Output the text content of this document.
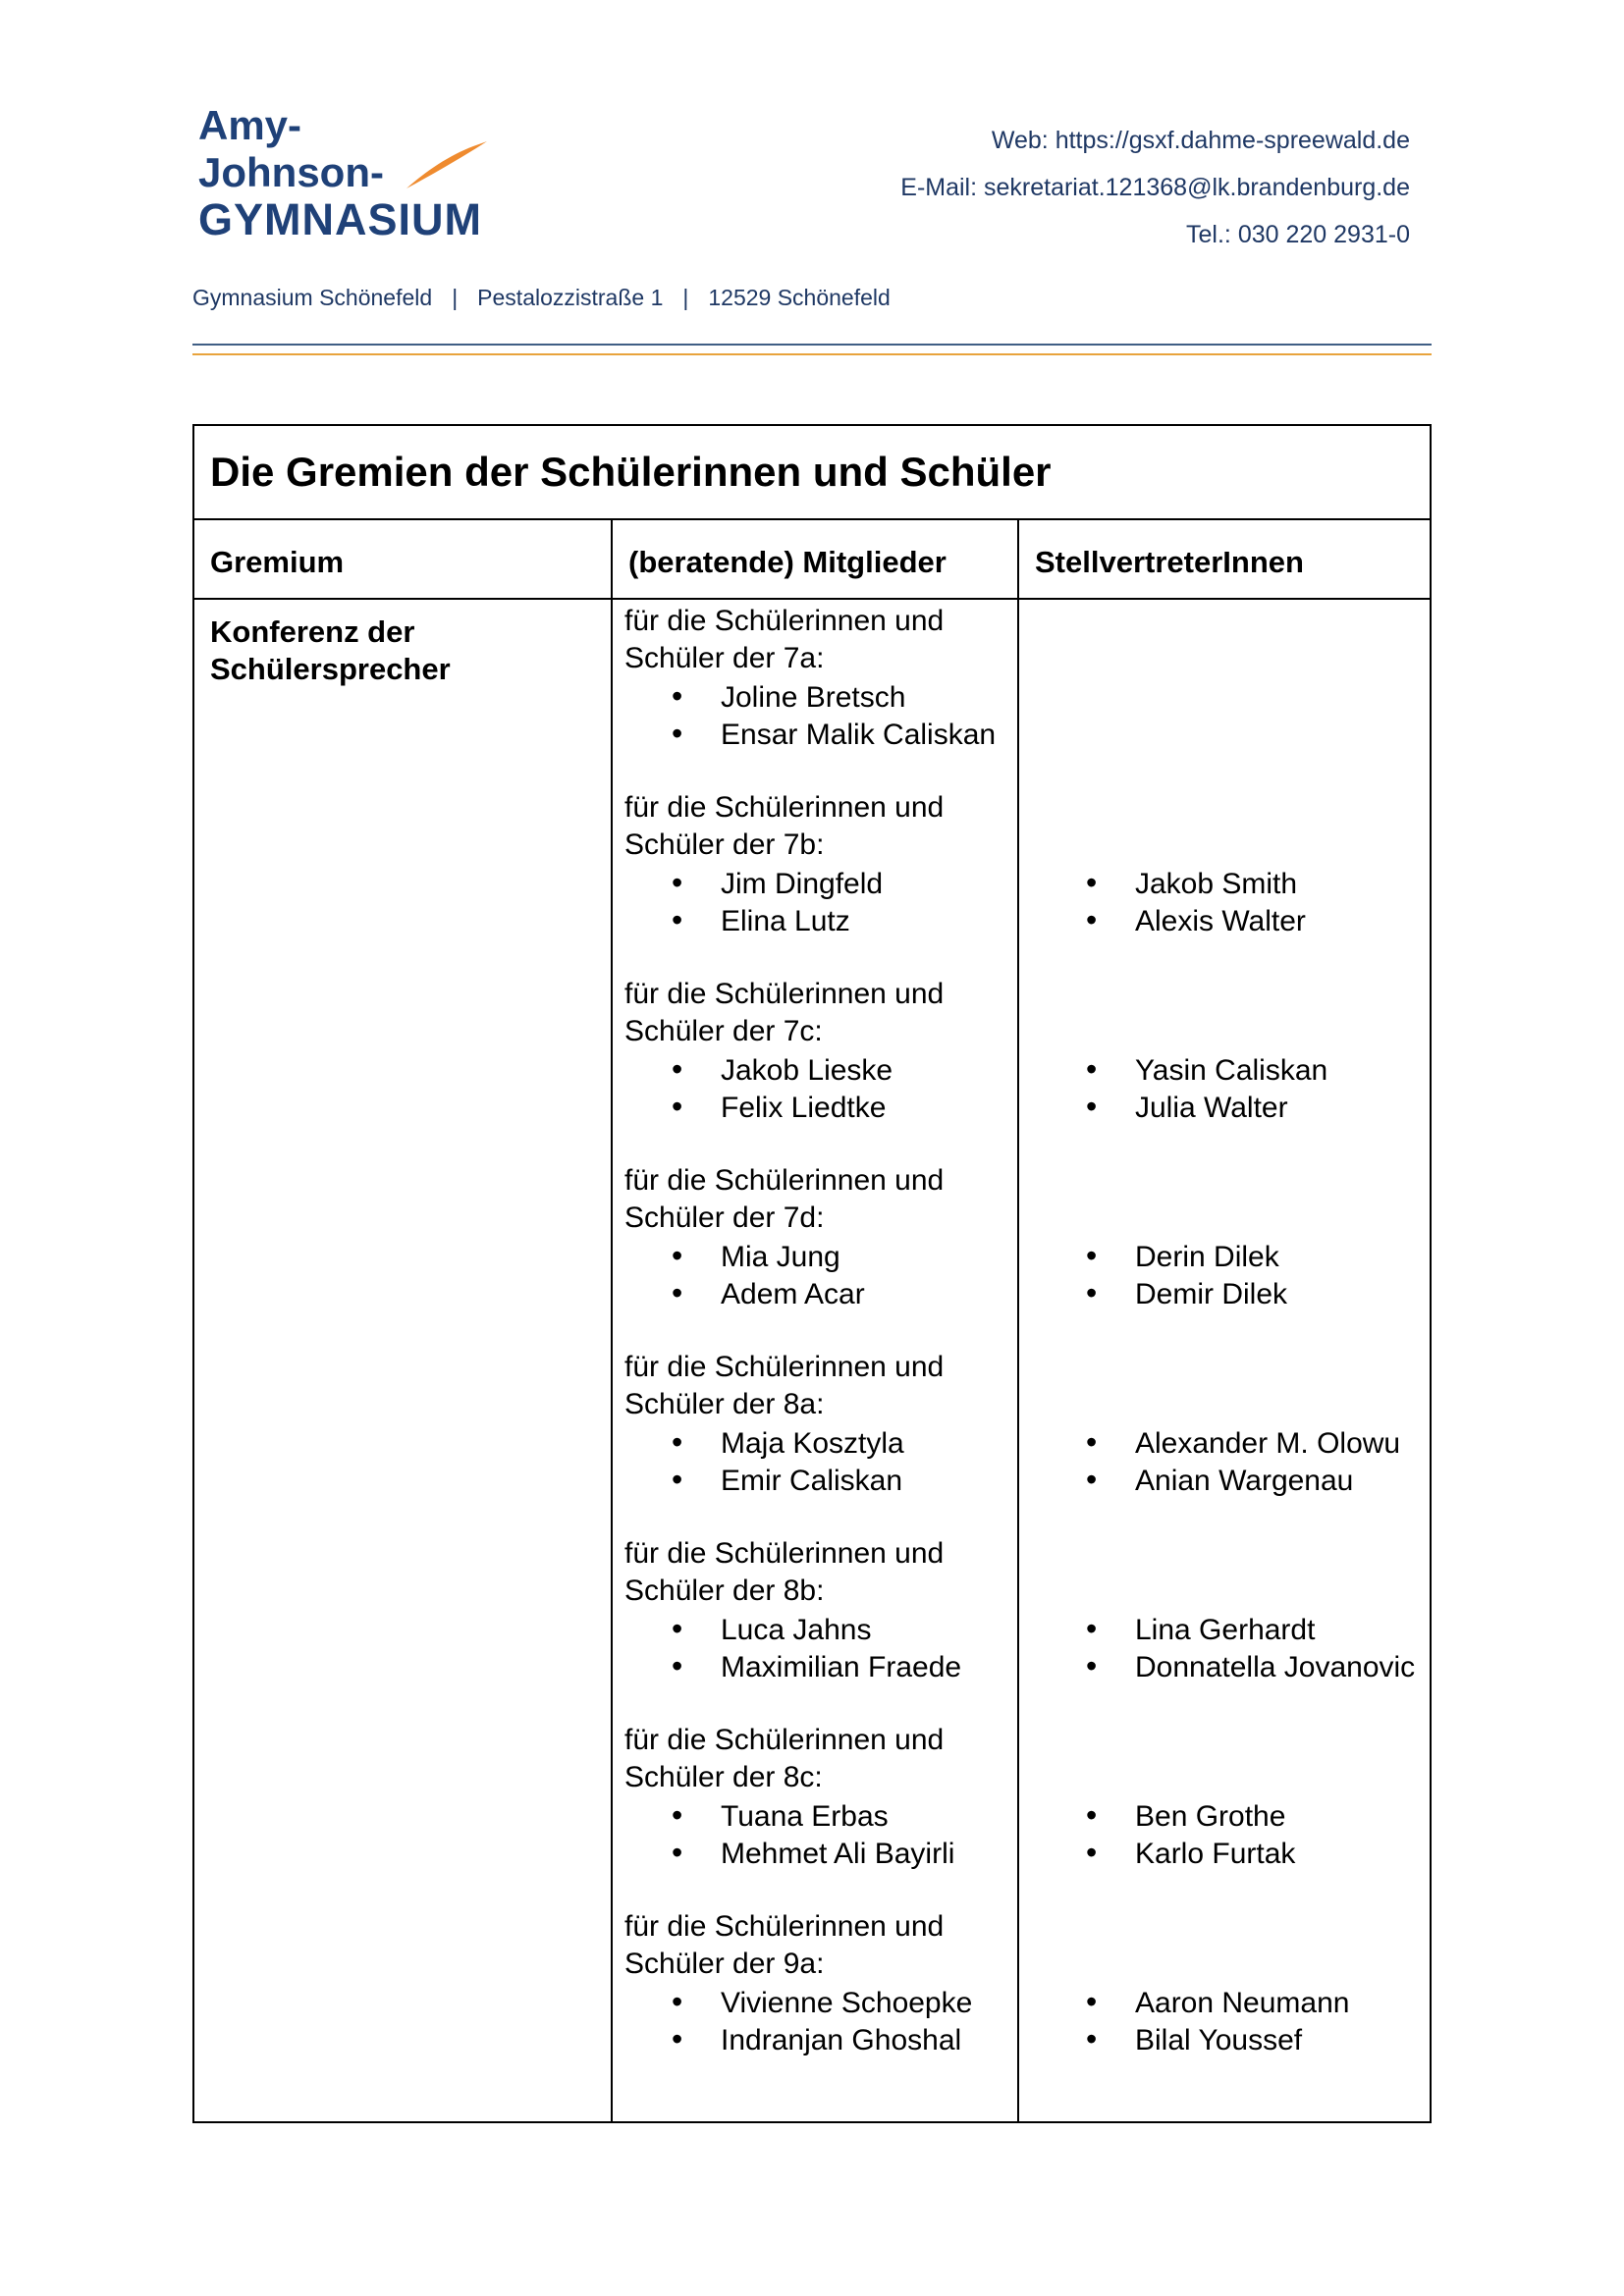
Amy-
Johnson-
GYMNASIUM
Web: https://gsxf.dahme-spreewald.de
E-Mail: sekretariat.121368@lk.brandenburg.de
Tel.: 030 220 2931-0
Gymnasium Schönefeld | Pestalozzistraße 1 | 12529 Schönefeld
Die Gremien der Schülerinnen und Schüler
Gremium	(beratende) Mitglieder	StellvertreterInnen
Konferenz der Schülersprecher
für die Schülerinnen und
Schüler der 7a:
• Joline Bretsch
• Ensar Malik Caliskan
für die Schülerinnen und
Schüler der 7b:
• Jim Dingfeld
• Elina Lutz
für die Schülerinnen und
Schüler der 7c:
• Jakob Lieske
• Felix Liedtke
für die Schülerinnen und
Schüler der 7d:
• Mia Jung
• Adem Acar
für die Schülerinnen und
Schüler der 8a:
• Maja Kosztyla
• Emir Caliskan
für die Schülerinnen und
Schüler der 8b:
• Luca Jahns
• Maximilian Fraede
für die Schülerinnen und
Schüler der 8c:
• Tuana Erbas
• Mehmet Ali Bayirli
für die Schülerinnen und
Schüler der 9a:
• Vivienne Schoepke
• Indranjan Ghoshal
• Jakob Smith
• Alexis Walter
• Yasin Caliskan
• Julia Walter
• Derin Dilek
• Demir Dilek
• Alexander M. Olowu
• Anian Wargenau
• Lina Gerhardt
• Donnatella Jovanovic
• Ben Grothe
• Karlo Furtak
• Aaron Neumann
• Bilal Youssef
